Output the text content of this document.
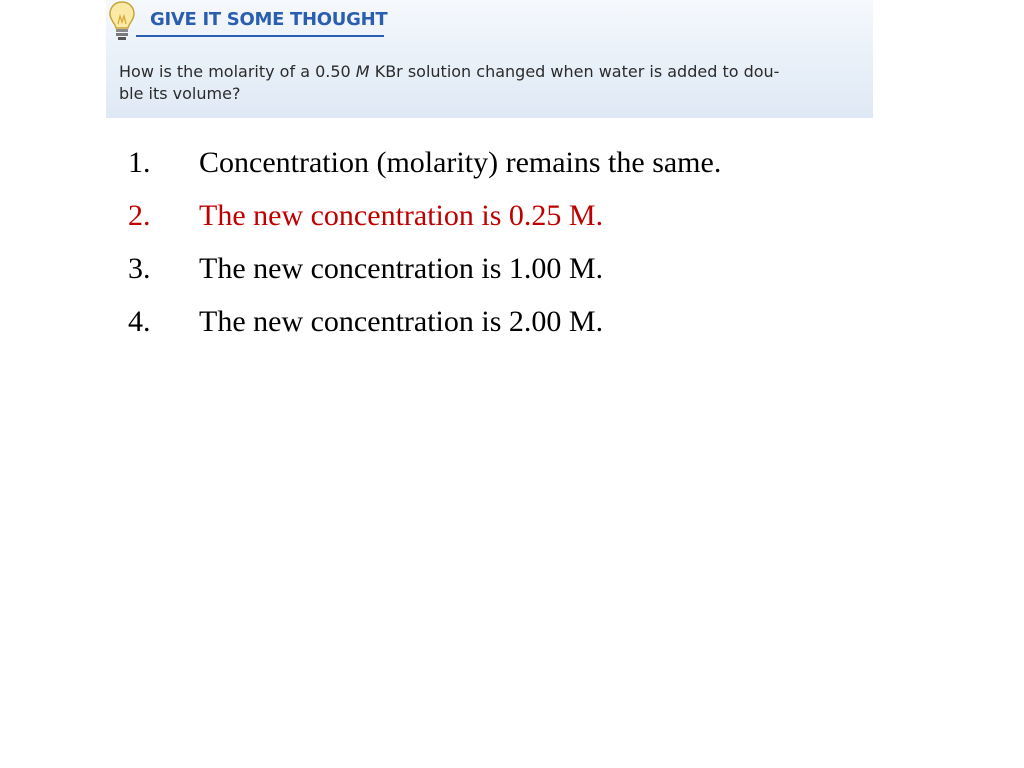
GIVE IT SOME THOUGHT
How is the molarity of a 0.50 M KBr solution changed when water is added to dou-
ble its volume?
1.	Concentration (molarity) remains the same.
2.	The new concentration is 0.25 M.
3.	The new concentration is 1.00 M.
4.	The new concentration is 2.00 M.
